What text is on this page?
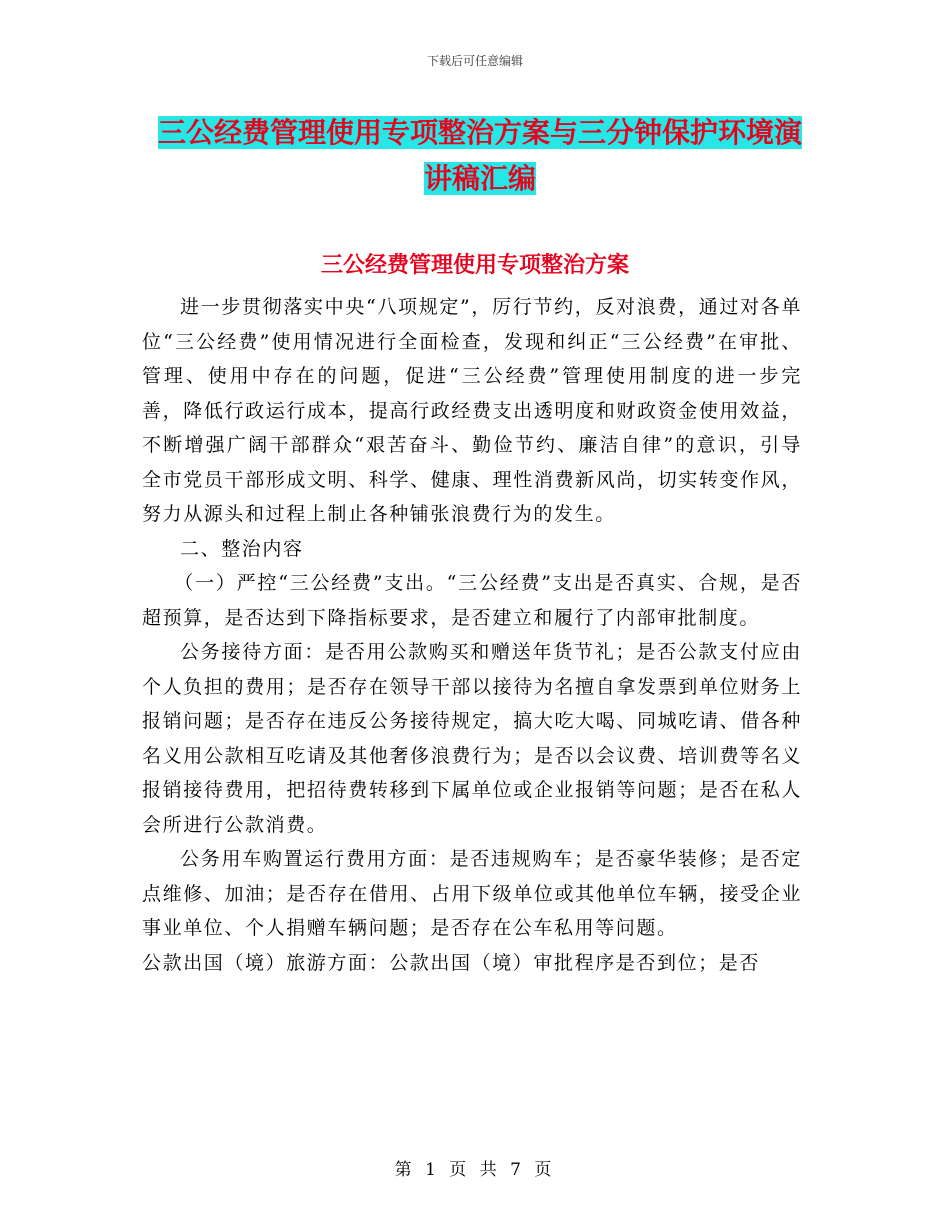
下载后可任意编辑
三公经费管理使用专项整治方案与三分钟保护环境演
讲稿汇编
三公经费管理使用专项整治方案

进一步贯彻落实中央“八项规定”，厉行节约，反对浪费，通过对各单位“三公经费”使用情况进行全面检查，发现和纠正“三公经费”在审批、管理、使用中存在的问题，促进“三公经费”管理使用制度的进一步完善，降低行政运行成本，提高行政经费支出透明度和财政资金使用效益，不断增强广阔干部群众“艰苦奋斗、勤俭节约、廉洁自律”的意识，引导全市党员干部形成文明、科学、健康、理性消费新风尚，切实转变作风，努力从源头和过程上制止各种铺张浪费行为的发生。

二、整治内容

（一）严控“三公经费”支出。“三公经费”支出是否真实、合规，是否超预算，是否达到下降指标要求，是否建立和履行了内部审批制度。

公务接待方面：是否用公款购买和赠送年货节礼；是否公款支付应由个人负担的费用；是否存在领导干部以接待为名擅自拿发票到单位财务上报销问题；是否存在违反公务接待规定，搞大吃大喝、同城吃请、借各种名义用公款相互吃请及其他奢侈浪费行为；是否以会议费、培训费等名义报销接待费用，把招待费转移到下属单位或企业报销等问题；是否在私人会所进行公款消费。

公务用车购置运行费用方面：是否违规购车；是否豪华装修；是否定点维修、加油；是否存在借用、占用下级单位或其他单位车辆，接受企业事业单位、个人捐赠车辆问题；是否存在公车私用等问题。

公款出国（境）旅游方面：公款出国（境）审批程序是否到位；是否

第 1 页 共 7 页
